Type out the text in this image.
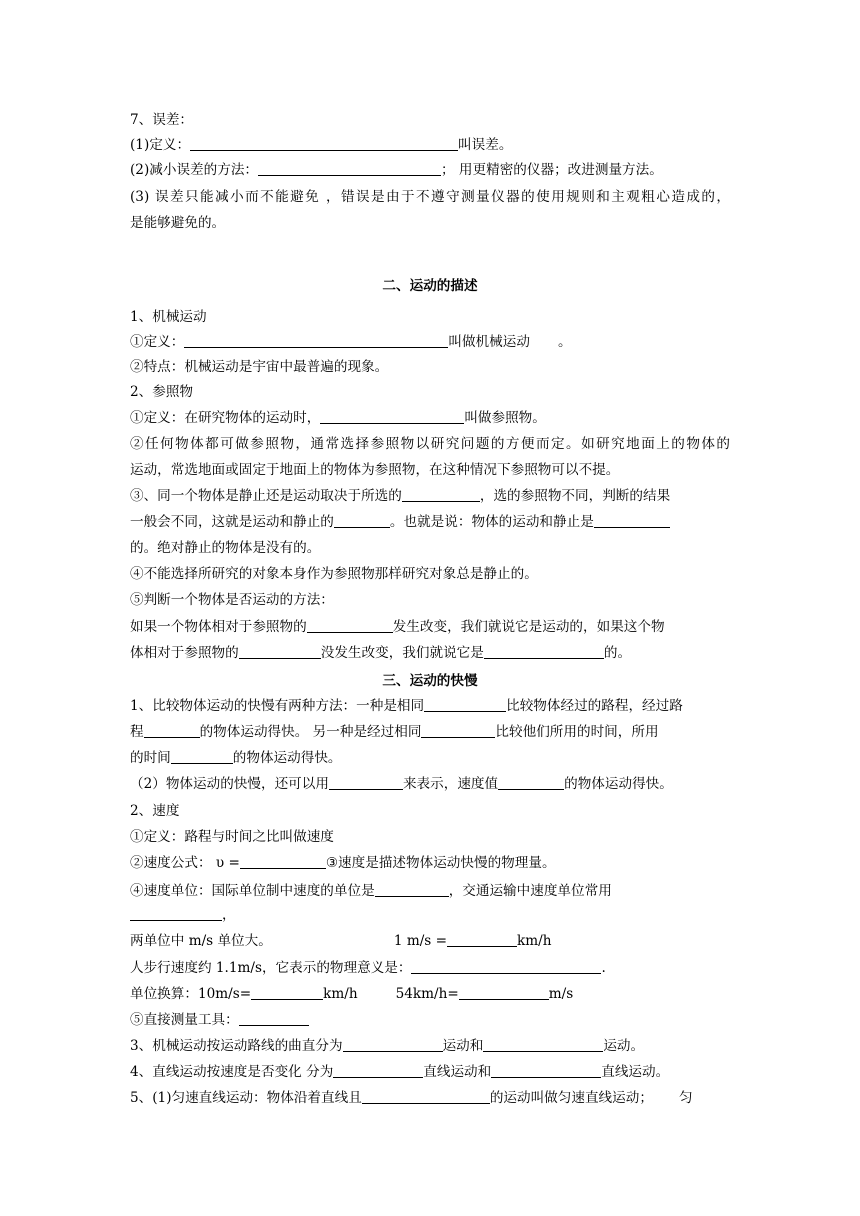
7、误差：
(1)定义：	叫误差。
(2)减小误差的方法：	； 用更精密的仪器；改进测量方法。
(3) 误差只能减小而不能避免 ，错误是由于不遵守测量仪器的使用规则和主观粗心造成的，
是能够避免的。
二、运动的描述
1、机械运动
①定义：	叫做机械运动 。
②特点：机械运动是宇宙中最普遍的现象。
2、参照物
①定义：在研究物体的运动时，	叫做参照物。
②任何物体都可做参照物，通常选择参照物以研究问题的方便而定。如研究地面上的物体的
运动，常选地面或固定于地面上的物体为参照物，在这种情况下参照物可以不提。
③、同一个物体是静止还是运动取决于所选的	，选的参照物不同，判断的结果
一般会不同，这就是运动和静止的	。也就是说：物体的运动和静止是
的。绝对静止的物体是没有的。
④不能选择所研究的对象本身作为参照物那样研究对象总是静止的。
⑤判断一个物体是否运动的方法：
如果一个物体相对于参照物的	发生改变，我们就说它是运动的，如果这个物
体相对于参照物的	没发生改变，我们就说它是	的。
三、运动的快慢
1、比较物体运动的快慢有两种方法：一种是相同	比较物体经过的路程，经过路
程	的物体运动得快。 另一种是经过相同	比较他们所用的时间，所用
的时间	的物体运动得快。
（2）物体运动的快慢，还可以用	来表示，速度值	的物体运动得快。
2、速度
①定义：路程与时间之比叫做速度
②速度公式： υ =	③速度是描述物体运动快慢的物理量。
④速度单位：国际单位制中速度的单位是	，交通运输中速度单位常用
，
两单位中 m/s 单位大。	1 m/s =	km/h
人步行速度约 1.1m/s，它表示的物理意义是：	.
单位换算：10m/s=	km/h	54km/h=	m/s
⑤直接测量工具：
3、机械运动按运动路线的曲直分为	运动和	运动。
4、直线运动按速度是否变化 分为	直线运动和	直线运动。
5、(1)匀速直线运动：物体沿着直线且	的运动叫做匀速直线运动； 匀
